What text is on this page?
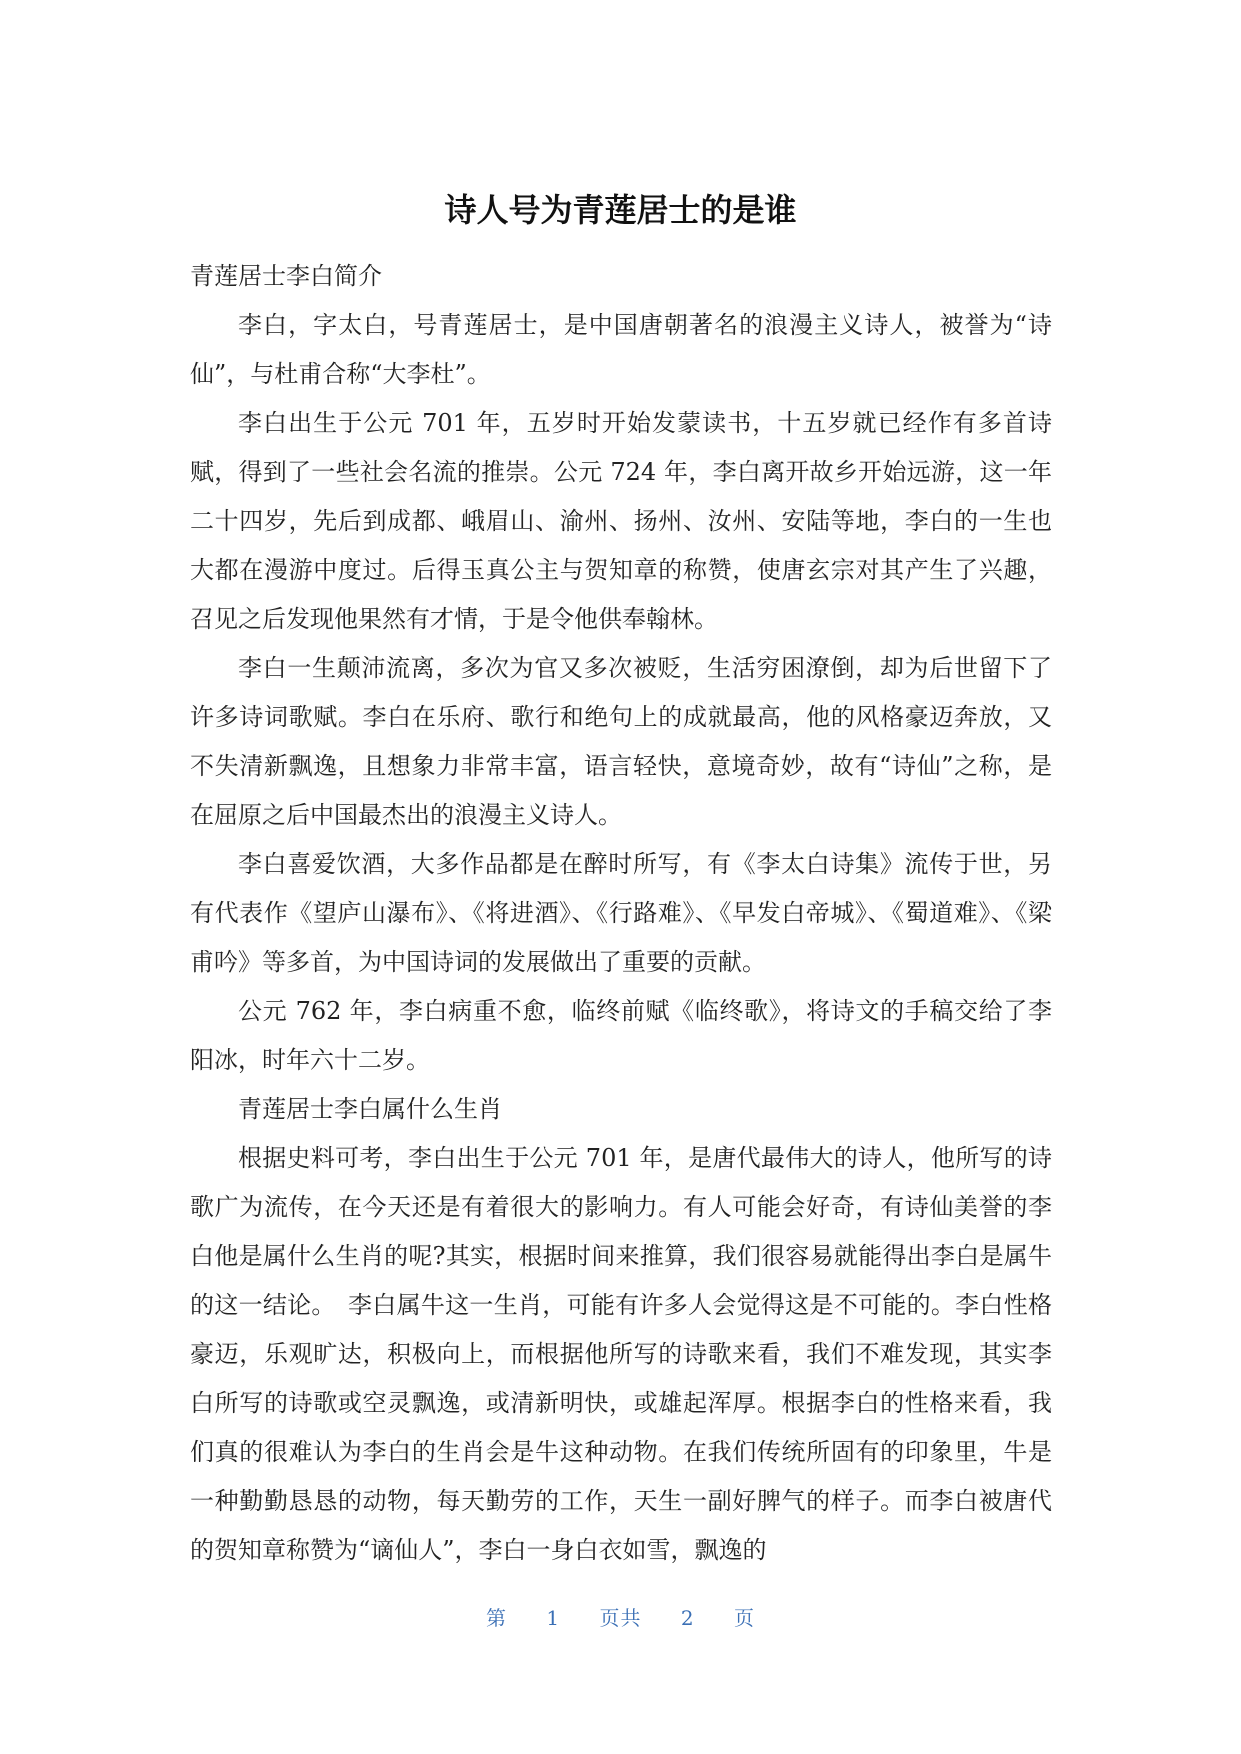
诗人号为青莲居士的是谁

青莲居士李白简介

李白，字太白，号青莲居士，是中国唐朝著名的浪漫主义诗人，被誉为“诗仙”，与杜甫合称“大李杜”。

李白出生于公元 701 年，五岁时开始发蒙读书，十五岁就已经作有多首诗赋，得到了一些社会名流的推崇。公元 724 年，李白离开故乡开始远游，这一年二十四岁，先后到成都、峨眉山、渝州、扬州、汝州、安陆等地，李白的一生也大都在漫游中度过。后得玉真公主与贺知章的称赞，使唐玄宗对其产生了兴趣，召见之后发现他果然有才情，于是令他供奉翰林。

李白一生颠沛流离，多次为官又多次被贬，生活穷困潦倒，却为后世留下了许多诗词歌赋。李白在乐府、歌行和绝句上的成就最高，他的风格豪迈奔放，又不失清新飘逸，且想象力非常丰富，语言轻快，意境奇妙，故有“诗仙”之称，是在屈原之后中国最杰出的浪漫主义诗人。

李白喜爱饮酒，大多作品都是在醉时所写，有《李太白诗集》流传于世，另有代表作《望庐山瀑布》、《将进酒》、《行路难》、《早发白帝城》、《蜀道难》、《梁甫吟》等多首，为中国诗词的发展做出了重要的贡献。

公元 762 年，李白病重不愈，临终前赋《临终歌》，将诗文的手稿交给了李阳冰，时年六十二岁。

青莲居士李白属什么生肖

根据史料可考，李白出生于公元 701 年，是唐代最伟大的诗人，他所写的诗歌广为流传，在今天还是有着很大的影响力。有人可能会好奇，有诗仙美誉的李白他是属什么生肖的呢?其实，根据时间来推算，我们很容易就能得出李白是属牛的这一结论。　李白属牛这一生肖，可能有许多人会觉得这是不可能的。李白性格豪迈，乐观旷达，积极向上，而根据他所写的诗歌来看，我们不难发现，其实李白所写的诗歌或空灵飘逸，或清新明快，或雄起浑厚。根据李白的性格来看，我们真的很难认为李白的生肖会是牛这种动物。在我们传统所固有的印象里，牛是一种勤勤恳恳的动物，每天勤劳的工作，天生一副好脾气的样子。而李白被唐代的贺知章称赞为“谪仙人”，李白一身白衣如雪，飘逸的

第 1 页共 2 页
